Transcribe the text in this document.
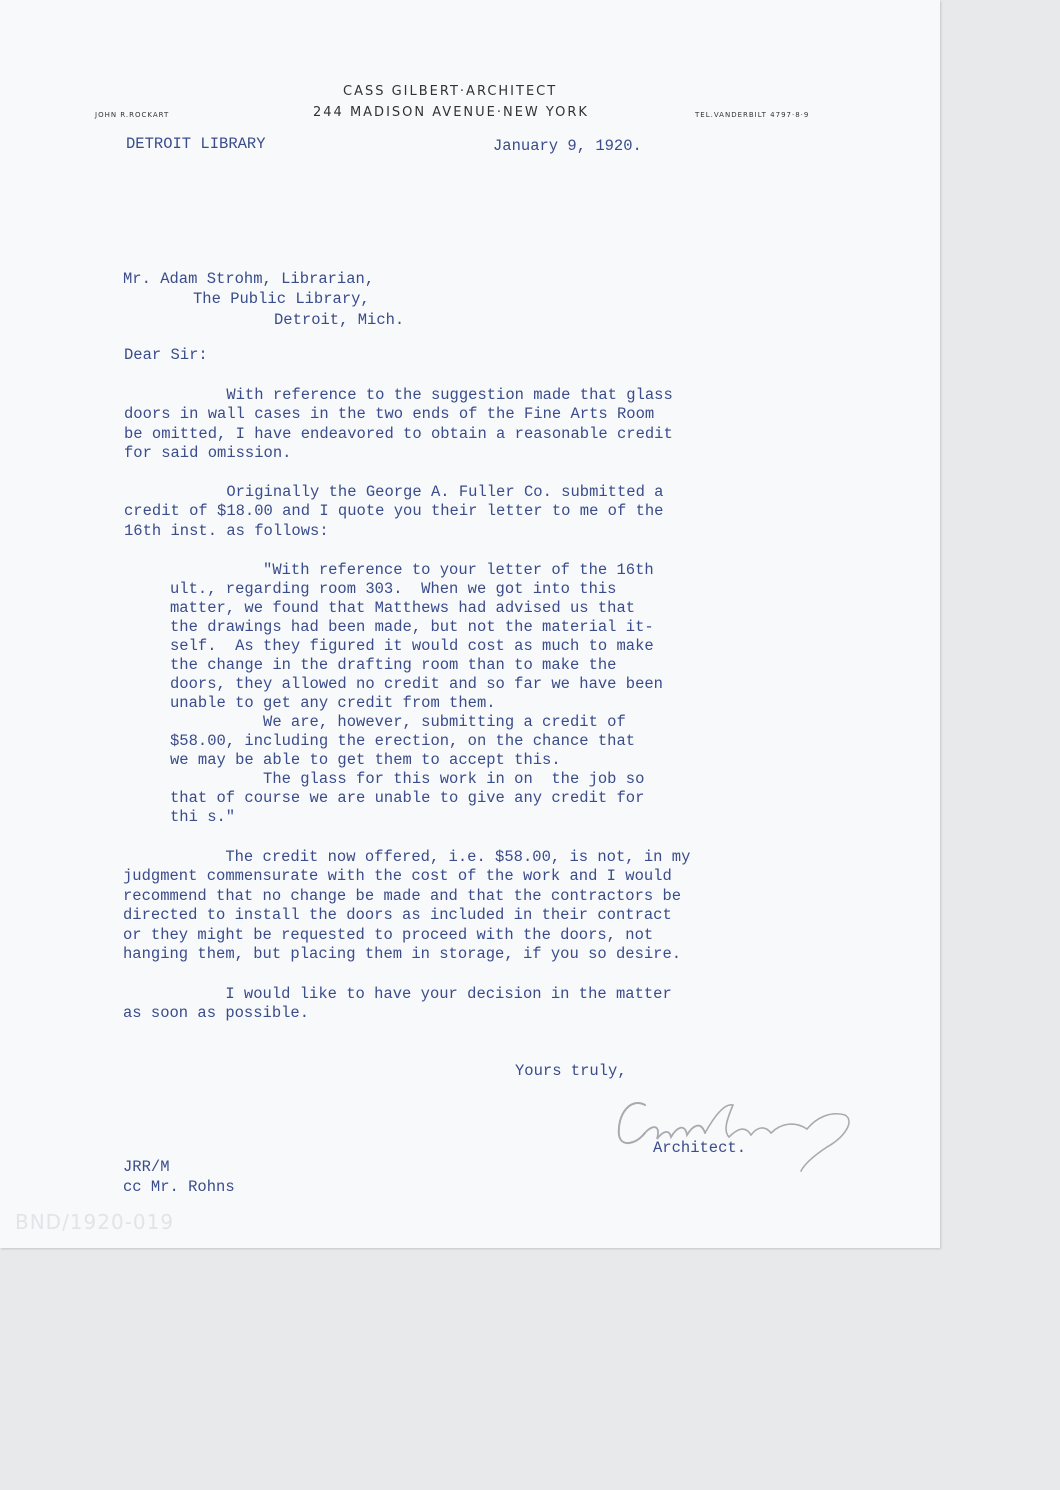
CASS GILBERT·ARCHITECT
244 MADISON AVENUE·NEW YORK
JOHN R.ROCKART	TEL.VANDERBILT 4797·8·9
DETROIT LIBRARY	January 9, 1920.
Mr. Adam Strohm, Librarian,
The Public Library,
Detroit, Mich.
Dear Sir:
With reference to the suggestion made that glass
doors in wall cases in the two ends of the Fine Arts Room
be omitted, I have endeavored to obtain a reasonable credit
for said omission.
Originally the George A. Fuller Co. submitted a
credit of $18.00 and I quote you their letter to me of the
16th inst. as follows:
"With reference to your letter of the 16th
ult., regarding room 303.  When we got into this
matter, we found that Matthews had advised us that
the drawings had been made, but not the material it-
self.  As they figured it would cost as much to make
the change in the drafting room than to make the
doors, they allowed no credit and so far we have been
unable to get any credit from them.
We are, however, submitting a credit of
$58.00, including the erection, on the chance that
we may be able to get them to accept this.
The glass for this work in on  the job so
that of course we are unable to give any credit for
thi s."
The credit now offered, i.e. $58.00, is not, in my
judgment commensurate with the cost of the work and I would
recommend that no change be made and that the contractors be
directed to install the doors as included in their contract
or they might be requested to proceed with the doors, not
hanging them, but placing them in storage, if you so desire.
I would like to have your decision in the matter
as soon as possible.
Yours truly,
Architect.
JRR/M
cc Mr. Rohns
BND/1920-019
